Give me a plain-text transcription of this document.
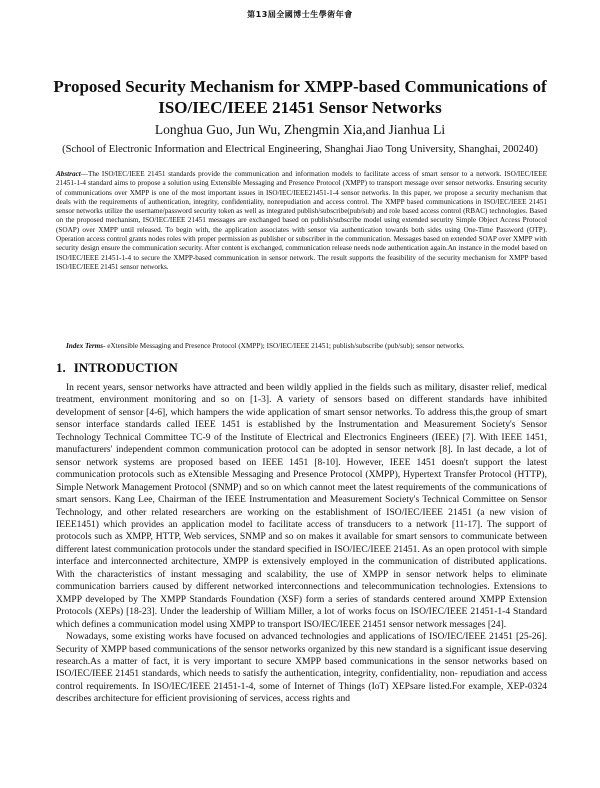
第13屆全國博士生學術年會
Proposed Security Mechanism for XMPP-based Communications of ISO/IEC/IEEE 21451 Sensor Networks
Longhua Guo, Jun Wu, Zhengmin Xia,and Jianhua Li
(School of Electronic Information and Electrical Engineering, Shanghai Jiao Tong University, Shanghai, 200240)
Abstract—The ISO/IEC/IEEE 21451 standards provide the communication and information models to facilitate access of smart sensor to a network. ISO/IEC/IEEE 21451-1-4 standard aims to propose a solution using Extensible Messaging and Presence Protocol (XMPP) to transport message over sensor networks. Ensuring security of communications over XMPP is one of the most important issues in ISO/IEC/IEEE21451-1-4 sensor networks. In this paper, we propose a security mechanism that deals with the requirements of authentication, integrity, confidentiality, nonrepudiation and access control. The XMPP based communications in ISO/IEC/IEEE 21451 sensor networks utilize the username/password security token as well as integrated publish/subscribe(pub/sub) and role based access control (RBAC) technologies. Based on the proposed mechanism, ISO/IEC/IEEE 21451 messages are exchanged based on publish/subscribe model using extended security Simple Object Access Protocol (SOAP) over XMPP until released. To begin with, the application associates with sensor via authentication towards both sides using One-Time Password (OTP). Operation access control grants nodes roles with proper permission as publisher or subscriber in the communication. Messages based on extended SOAP over XMPP with security design ensure the communication security. After content is exchanged, communication release needs node authentication again.An instance in the model based on ISO/IEC/IEEE 21451-1-4 to secure the XMPP-based communication in sensor network. The result supports the feasibility of the security mechanism for XMPP based ISO/IEC/IEEE 21451 sensor networks.
Index Terms- eXtensible Messaging and Presence Protocol (XMPP); ISO/IEC/IEEE 21451; publish/subscribe (pub/sub); sensor networks.
1. INTRODUCTION

In recent years, sensor networks have attracted and been wildly applied in the fields such as military, disaster relief, medical treatment, environment monitoring and so on [1-3]. A variety of sensors based on different standards have inhibited development of sensor [4-6], which hampers the wide application of smart sensor networks. To address this,the group of smart sensor interface standards called IEEE 1451 is established by the Instrumentation and Measurement Society's Sensor Technology Technical Committee TC-9 of the Institute of Electrical and Electronics Engineers (IEEE) [7]. With IEEE 1451, manufacturers' independent common communication protocol can be adopted in sensor network [8]. In last decade, a lot of sensor network systems are proposed based on IEEE 1451 [8-10]. However, IEEE 1451 doesn't support the latest communication protocols such as eXtensible Messaging and Presence Protocol (XMPP), Hypertext Transfer Protocol (HTTP), Simple Network Management Protocol (SNMP) and so on which cannot meet the latest requirements of the communications of smart sensors. Kang Lee, Chairman of the IEEE Instrumentation and Measurement Society's Technical Committee on Sensor Technology, and other related researchers are working on the establishment of ISO/IEC/IEEE 21451 (a new vision of IEEE1451) which provides an application model to facilitate access of transducers to a network [11-17]. The support of protocols such as XMPP, HTTP, Web services, SNMP and so on makes it available for smart sensors to communicate between different latest communication protocols under the standard specified in ISO/IEC/IEEE 21451. As an open protocol with simple interface and interconnected architecture, XMPP is extensively employed in the communication of distributed applications. With the characteristics of instant messaging and scalability, the use of XMPP in sensor network helps to eliminate communication barriers caused by different networked interconnections and telecommunication technologies. Extensions to XMPP developed by The XMPP Standards Foundation (XSF) form a series of standards centered around XMPP Extension Protocols (XEPs) [18-23]. Under the leadership of William Miller, a lot of works focus on ISO/IEC/IEEE 21451-1-4 Standard which defines a communication model using XMPP to transport ISO/IEC/IEEE 21451 sensor network messages [24].

Nowadays, some existing works have focused on advanced technologies and applications of ISO/IEC/IEEE 21451 [25-26]. Security of XMPP based communications of the sensor networks organized by this new standard is a significant issue deserving research.As a matter of fact, it is very important to secure XMPP based communications in the sensor networks based on ISO/IEC/IEEE 21451 standards, which needs to satisfy the authentication, integrity, confidentiality, non- repudiation and access control requirements. In ISO/IEC/IEEE 21451-1-4, some of Internet of Things (IoT) XEPsare listed.For example, XEP-0324 describes architecture for efficient provisioning of services, access rights and
